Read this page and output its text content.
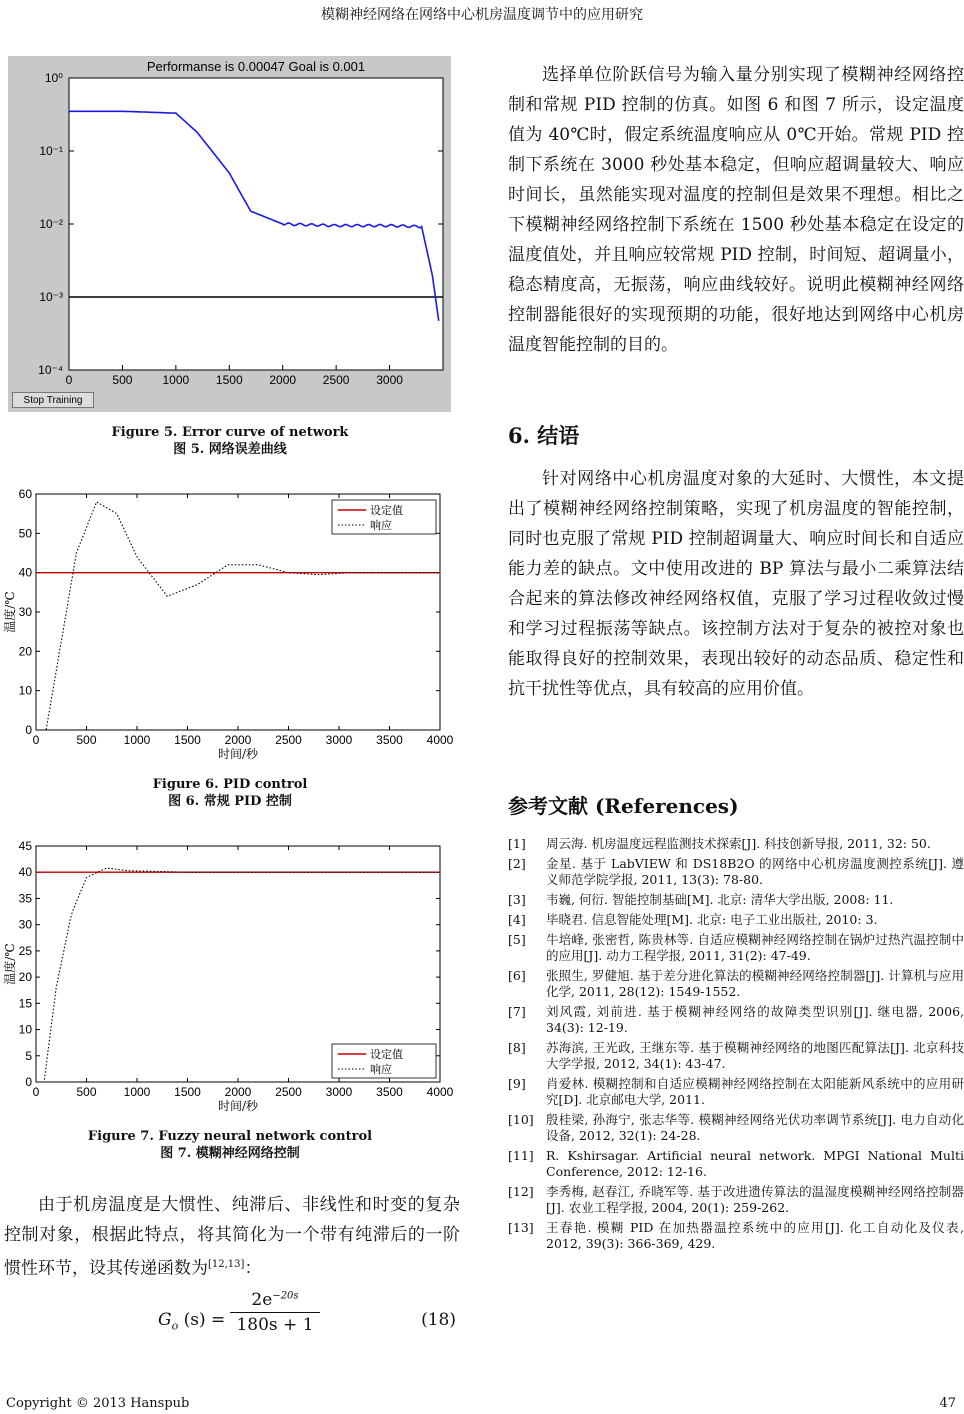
模糊神经网络在网络中心机房温度调节中的应用研究
Performanse is 0.00047 Goal is 0.001
10⁰
10⁻¹
10⁻²
10⁻³
10⁻⁴
0	500	1000 1500 2000 2500 3000
Stop Training
Figure 5. Error curve of network
图 5. 网络误差曲线
0
10
20
30
40
50
60
0	500 1000 1500 2000 2500 3000 3500 4000
时间/秒
温度/℃
设定值
响应
Figure 6. PID control
图 6. 常规 PID 控制
0
5
10
15
20
25
30
35
40
45
0	500 1000 1500 2000 2500 3000 3500 4000
时间/秒
温度/℃
设定值
响应
Figure 7. Fuzzy neural network control
图 7. 模糊神经网络控制

由于机房温度是大惯性、纯滞后、非线性和时变的复杂控制对象，根据此特点，将其简化为一个带有纯滞后的一阶惯性环节，设其传递函数为[12,13]：

$G_o$ (s) =
$2e^{-20s}$
180s + 1	(18)

选择单位阶跃信号为输入量分别实现了模糊神经网络控制和常规 PID 控制的仿真。如图 6 和图 7 所示，设定温度值为 40℃时，假定系统温度响应从 0℃开始。常规 PID 控制下系统在 3000 秒处基本稳定，但响应超调量较大、响应时间长，虽然能实现对温度的控制但是效果不理想。相比之下模糊神经网络控制下系统在 1500 秒处基本稳定在设定的温度值处，并且响应较常规 PID 控制，时间短、超调量小，稳态精度高，无振荡，响应曲线较好。说明此模糊神经网络控制器能很好的实现预期的功能，很好地达到网络中心机房温度智能控制的目的。

6. 结语

针对网络中心机房温度对象的大延时、大惯性，本文提出了模糊神经网络控制策略，实现了机房温度的智能控制，同时也克服了常规 PID 控制超调量大、响应时间长和自适应能力差的缺点。文中使用改进的 BP 算法与最小二乘算法结合起来的算法修改神经网络权值，克服了学习过程收敛过慢和学习过程振荡等缺点。该控制方法对于复杂的被控对象也能取得良好的控制效果，表现出较好的动态品质、稳定性和抗干扰性等优点，具有较高的应用价值。

参考文献 (References)
[1] 周云海. 机房温度远程监测技术探索[J]. 科技创新导报, 2011, 32: 50.
[2] 金星. 基于 LabVIEW 和 DS18B2O 的网络中心机房温度测控系统[J]. 遵义师范学院学报, 2011, 13(3): 78-80.
[3] 韦巍, 何衍. 智能控制基础[M]. 北京: 清华大学出版, 2008: 11.
[4] 毕晓君. 信息智能处理[M]. 北京: 电子工业出版社, 2010: 3.
[5] 牛培峰, 张密哲, 陈贵林等. 自适应模糊神经网络控制在锅炉过热汽温控制中的应用[J]. 动力工程学报, 2011, 31(2): 47-49.
[6] 张照生, 罗健旭. 基于差分进化算法的模糊神经网络控制器[J]. 计算机与应用化学, 2011, 28(12): 1549-1552.
[7] 刘风霞, 刘前进. 基于模糊神经网络的故障类型识别[J]. 继电器, 2006, 34(3): 12-19.
[8] 苏海滨, 王光政, 王继东等. 基于模糊神经网络的地图匹配算法[J]. 北京科技大学学报, 2012, 34(1): 43-47.
[9] 肖爱林. 模糊控制和自适应模糊神经网络控制在太阳能新风系统中的应用研究[D]. 北京邮电大学, 2011.
[10] 殷桂梁, 孙海宁, 张志华等. 模糊神经网络光伏功率调节系统[J]. 电力自动化设备, 2012, 32(1): 24-28.
[11] R. Kshirsagar. Artificial neural network. MPGI National Multi Conference, 2012: 12-16.
[12] 李秀梅, 赵春江, 乔晓军等. 基于改进遗传算法的温湿度模糊神经网络控制器[J]. 农业工程学报, 2004, 20(1): 259-262.
[13] 王春艳. 模糊 PID 在加热器温控系统中的应用[J]. 化工自动化及仪表, 2012, 39(3): 366-369, 429.
Copyright © 2013 Hanspub	47
